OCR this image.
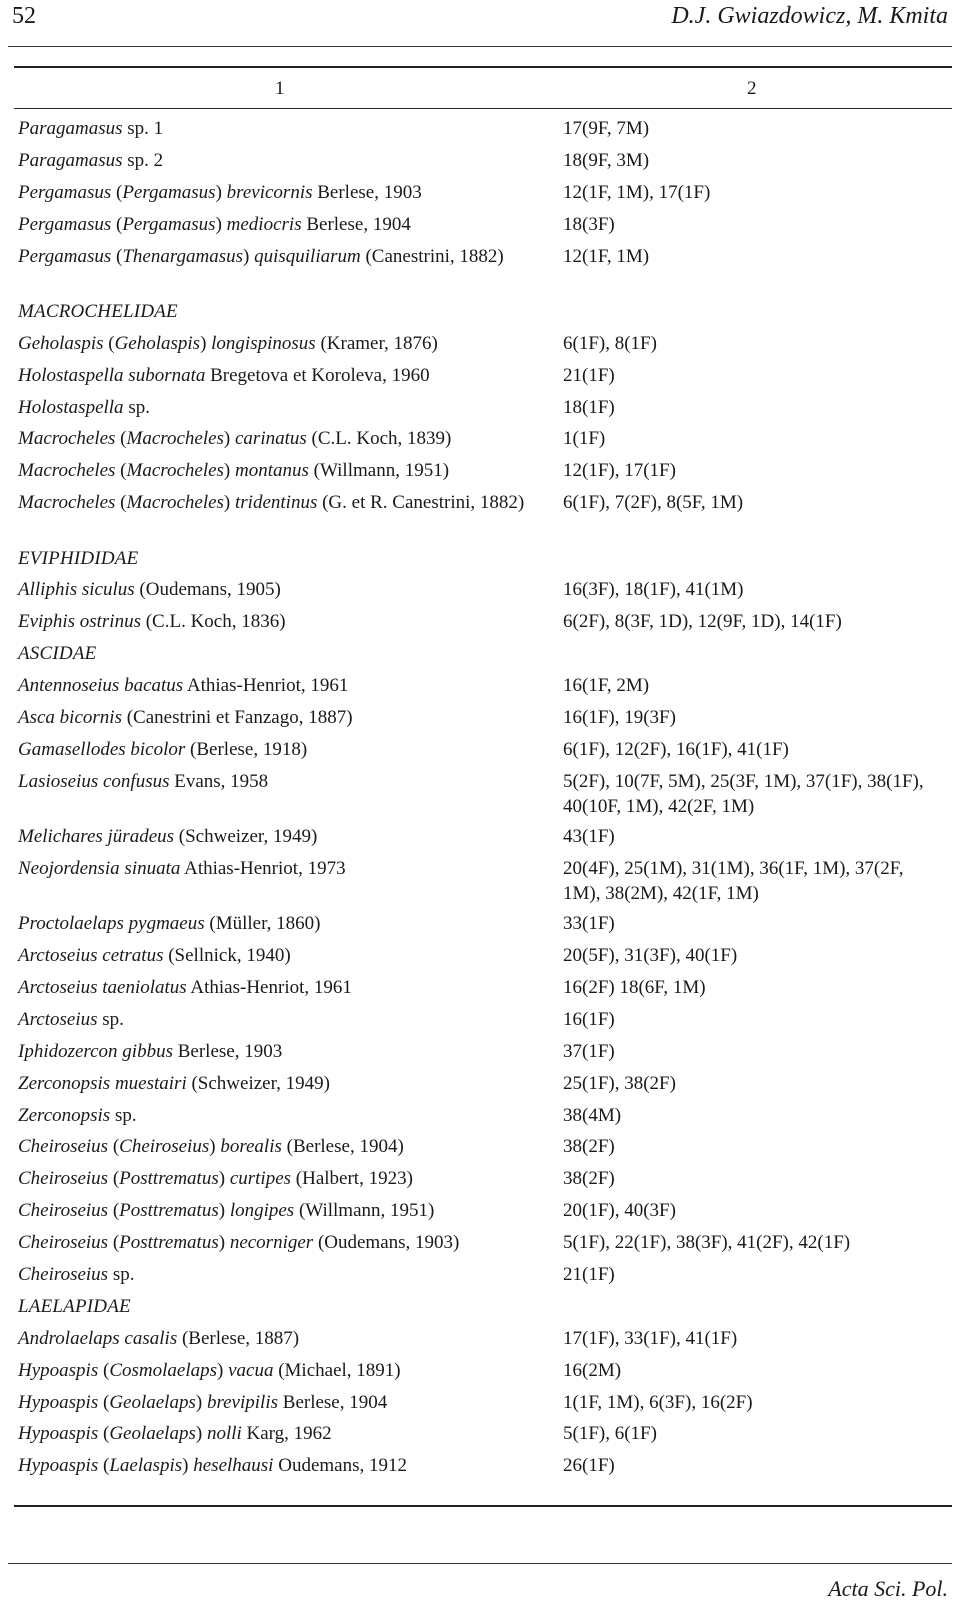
52	D.J. Gwiazdowicz, M. Kmita
1	2
Paragamasus sp. 1	17(9F, 7M)
Paragamasus sp. 2	18(9F, 3M)
Pergamasus (Pergamasus) brevicornis Berlese, 1903	12(1F, 1M), 17(1F)
Pergamasus (Pergamasus) mediocris Berlese, 1904	18(3F)
Pergamasus (Thenargamasus) quisquiliarum (Canestrini, 1882)	12(1F, 1M)
MACROCHELIDAE
Geholaspis (Geholaspis) longispinosus (Kramer, 1876)	6(1F), 8(1F)
Holostaspella subornata Bregetova et Koroleva, 1960	21(1F)
Holostaspella sp.	18(1F)
Macrocheles (Macrocheles) carinatus (C.L. Koch, 1839)	1(1F)
Macrocheles (Macrocheles) montanus (Willmann, 1951)	12(1F), 17(1F)
Macrocheles (Macrocheles) tridentinus (G. et R. Canestrini, 1882)	6(1F), 7(2F), 8(5F, 1M)
EVIPHIDIDAE
Alliphis siculus (Oudemans, 1905)	16(3F), 18(1F), 41(1M)
Eviphis ostrinus (C.L. Koch, 1836)	6(2F), 8(3F, 1D), 12(9F, 1D), 14(1F)
ASCIDAE
Antennoseius bacatus Athias-Henriot, 1961	16(1F, 2M)
Asca bicornis (Canestrini et Fanzago, 1887)	16(1F), 19(3F)
Gamasellodes bicolor (Berlese, 1918)	6(1F), 12(2F), 16(1F), 41(1F)
Lasioseius confusus Evans, 1958	5(2F), 10(7F, 5M), 25(3F, 1M), 37(1F), 38(1F), 40(10F, 1M), 42(2F, 1M)
Melichares jüradeus (Schweizer, 1949)	43(1F)
Neojordensia sinuata Athias-Henriot, 1973	20(4F), 25(1M), 31(1M), 36(1F, 1M), 37(2F, 1M), 38(2M), 42(1F, 1M)
Proctolaelaps pygmaeus (Müller, 1860)	33(1F)
Arctoseius cetratus (Sellnick, 1940)	20(5F), 31(3F), 40(1F)
Arctoseius taeniolatus Athias-Henriot, 1961	16(2F) 18(6F, 1M)
Arctoseius sp.	16(1F)
Iphidozercon gibbus Berlese, 1903	37(1F)
Zerconopsis muestairi (Schweizer, 1949)	25(1F), 38(2F)
Zerconopsis sp.	38(4M)
Cheiroseius (Cheiroseius) borealis (Berlese, 1904)	38(2F)
Cheiroseius (Posttrematus) curtipes (Halbert, 1923)	38(2F)
Cheiroseius (Posttrematus) longipes (Willmann, 1951)	20(1F), 40(3F)
Cheiroseius (Posttrematus) necorniger (Oudemans, 1903)	5(1F), 22(1F), 38(3F), 41(2F), 42(1F)
Cheiroseius sp.	21(1F)
LAELAPIDAE
Androlaelaps casalis (Berlese, 1887)	17(1F), 33(1F), 41(1F)
Hypoaspis (Cosmolaelaps) vacua (Michael, 1891)	16(2M)
Hypoaspis (Geolaelaps) brevipilis Berlese, 1904	1(1F, 1M), 6(3F), 16(2F)
Hypoaspis (Geolaelaps) nolli Karg, 1962	5(1F), 6(1F)
Hypoaspis (Laelaspis) heselhausi Oudemans, 1912	26(1F)
Acta Sci. Pol.
